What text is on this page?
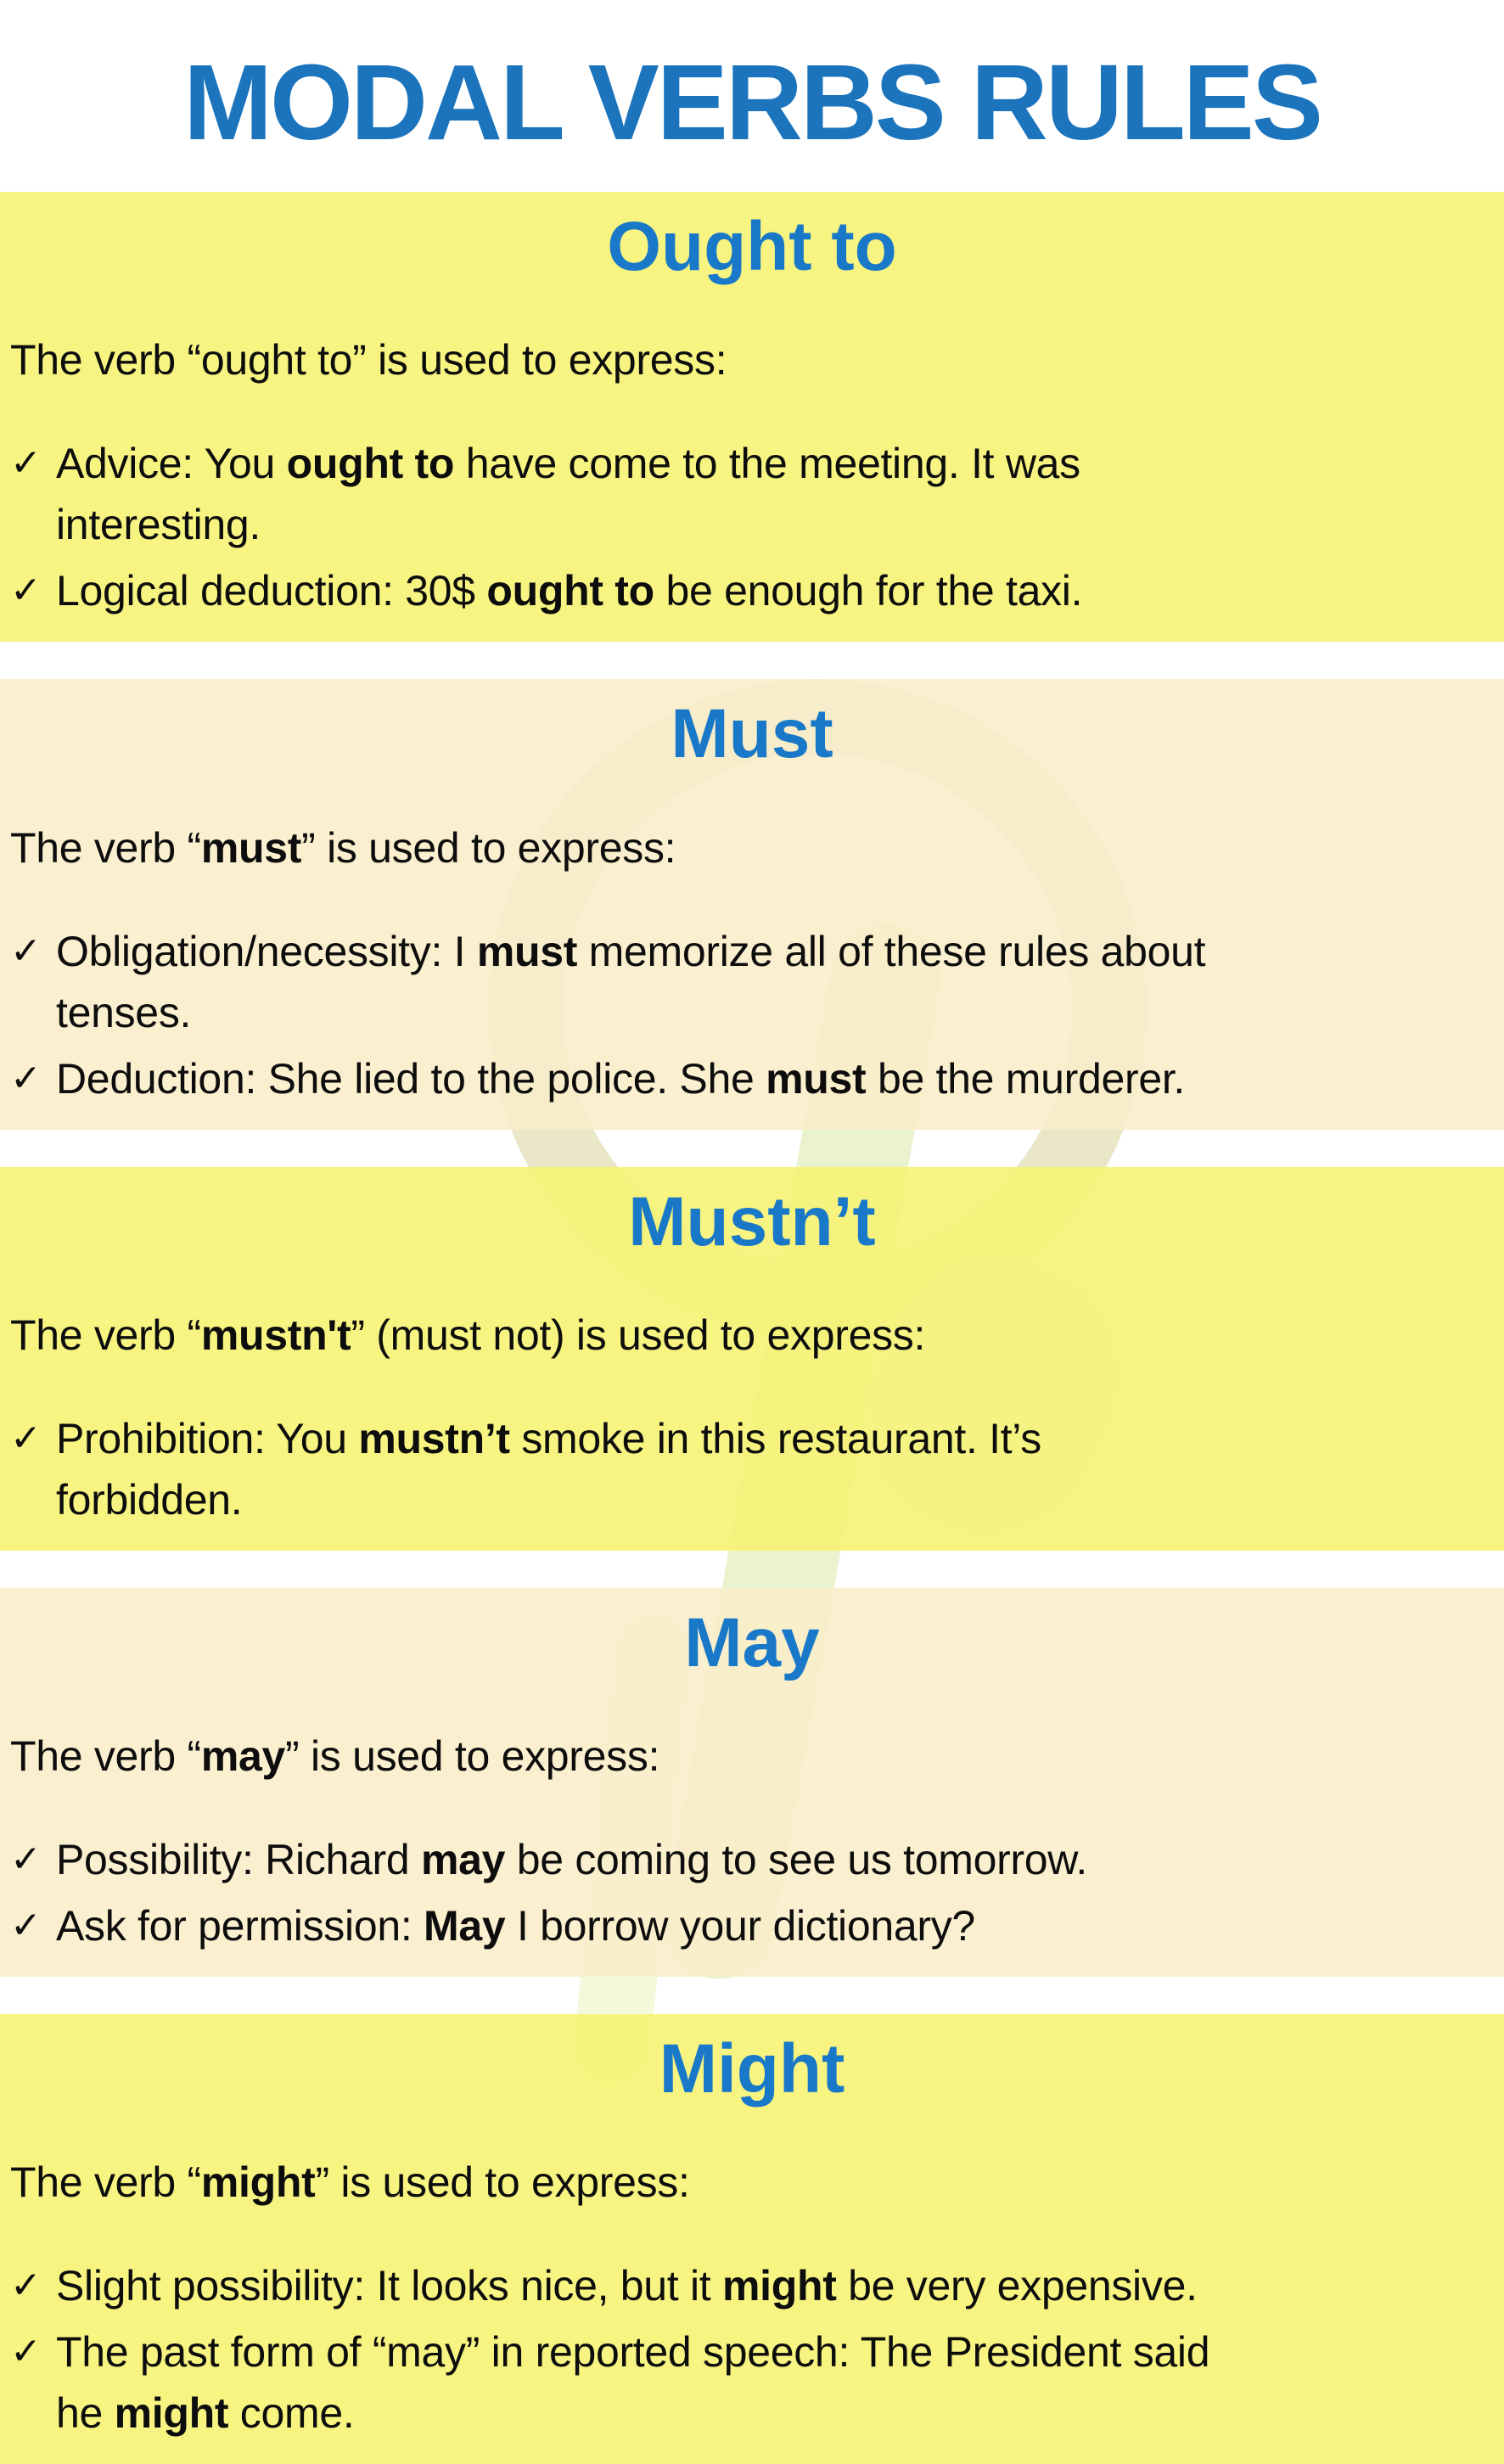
MODAL VERBS RULES
Ought to

The verb “ought to” is used to express:

✓ Advice: You ought to have come to the meeting. It was
interesting.
✓ Logical deduction: 30$ ought to be enough for the taxi.
Must

The verb “must” is used to express:

✓ Obligation/necessity: I must memorize all of these rules about
tenses.
✓ Deduction: She lied to the police. She must be the murderer.
Mustn’t

The verb “mustn't” (must not) is used to express:

✓ Prohibition: You mustn’t smoke in this restaurant. It’s
forbidden.
May

The verb “may” is used to express:

✓ Possibility: Richard may be coming to see us tomorrow.
✓ Ask for permission: May I borrow your dictionary?
Might

The verb “might” is used to express:

✓ Slight possibility: It looks nice, but it might be very expensive.
✓ The past form of “may” in reported speech: The President said
he might come.
